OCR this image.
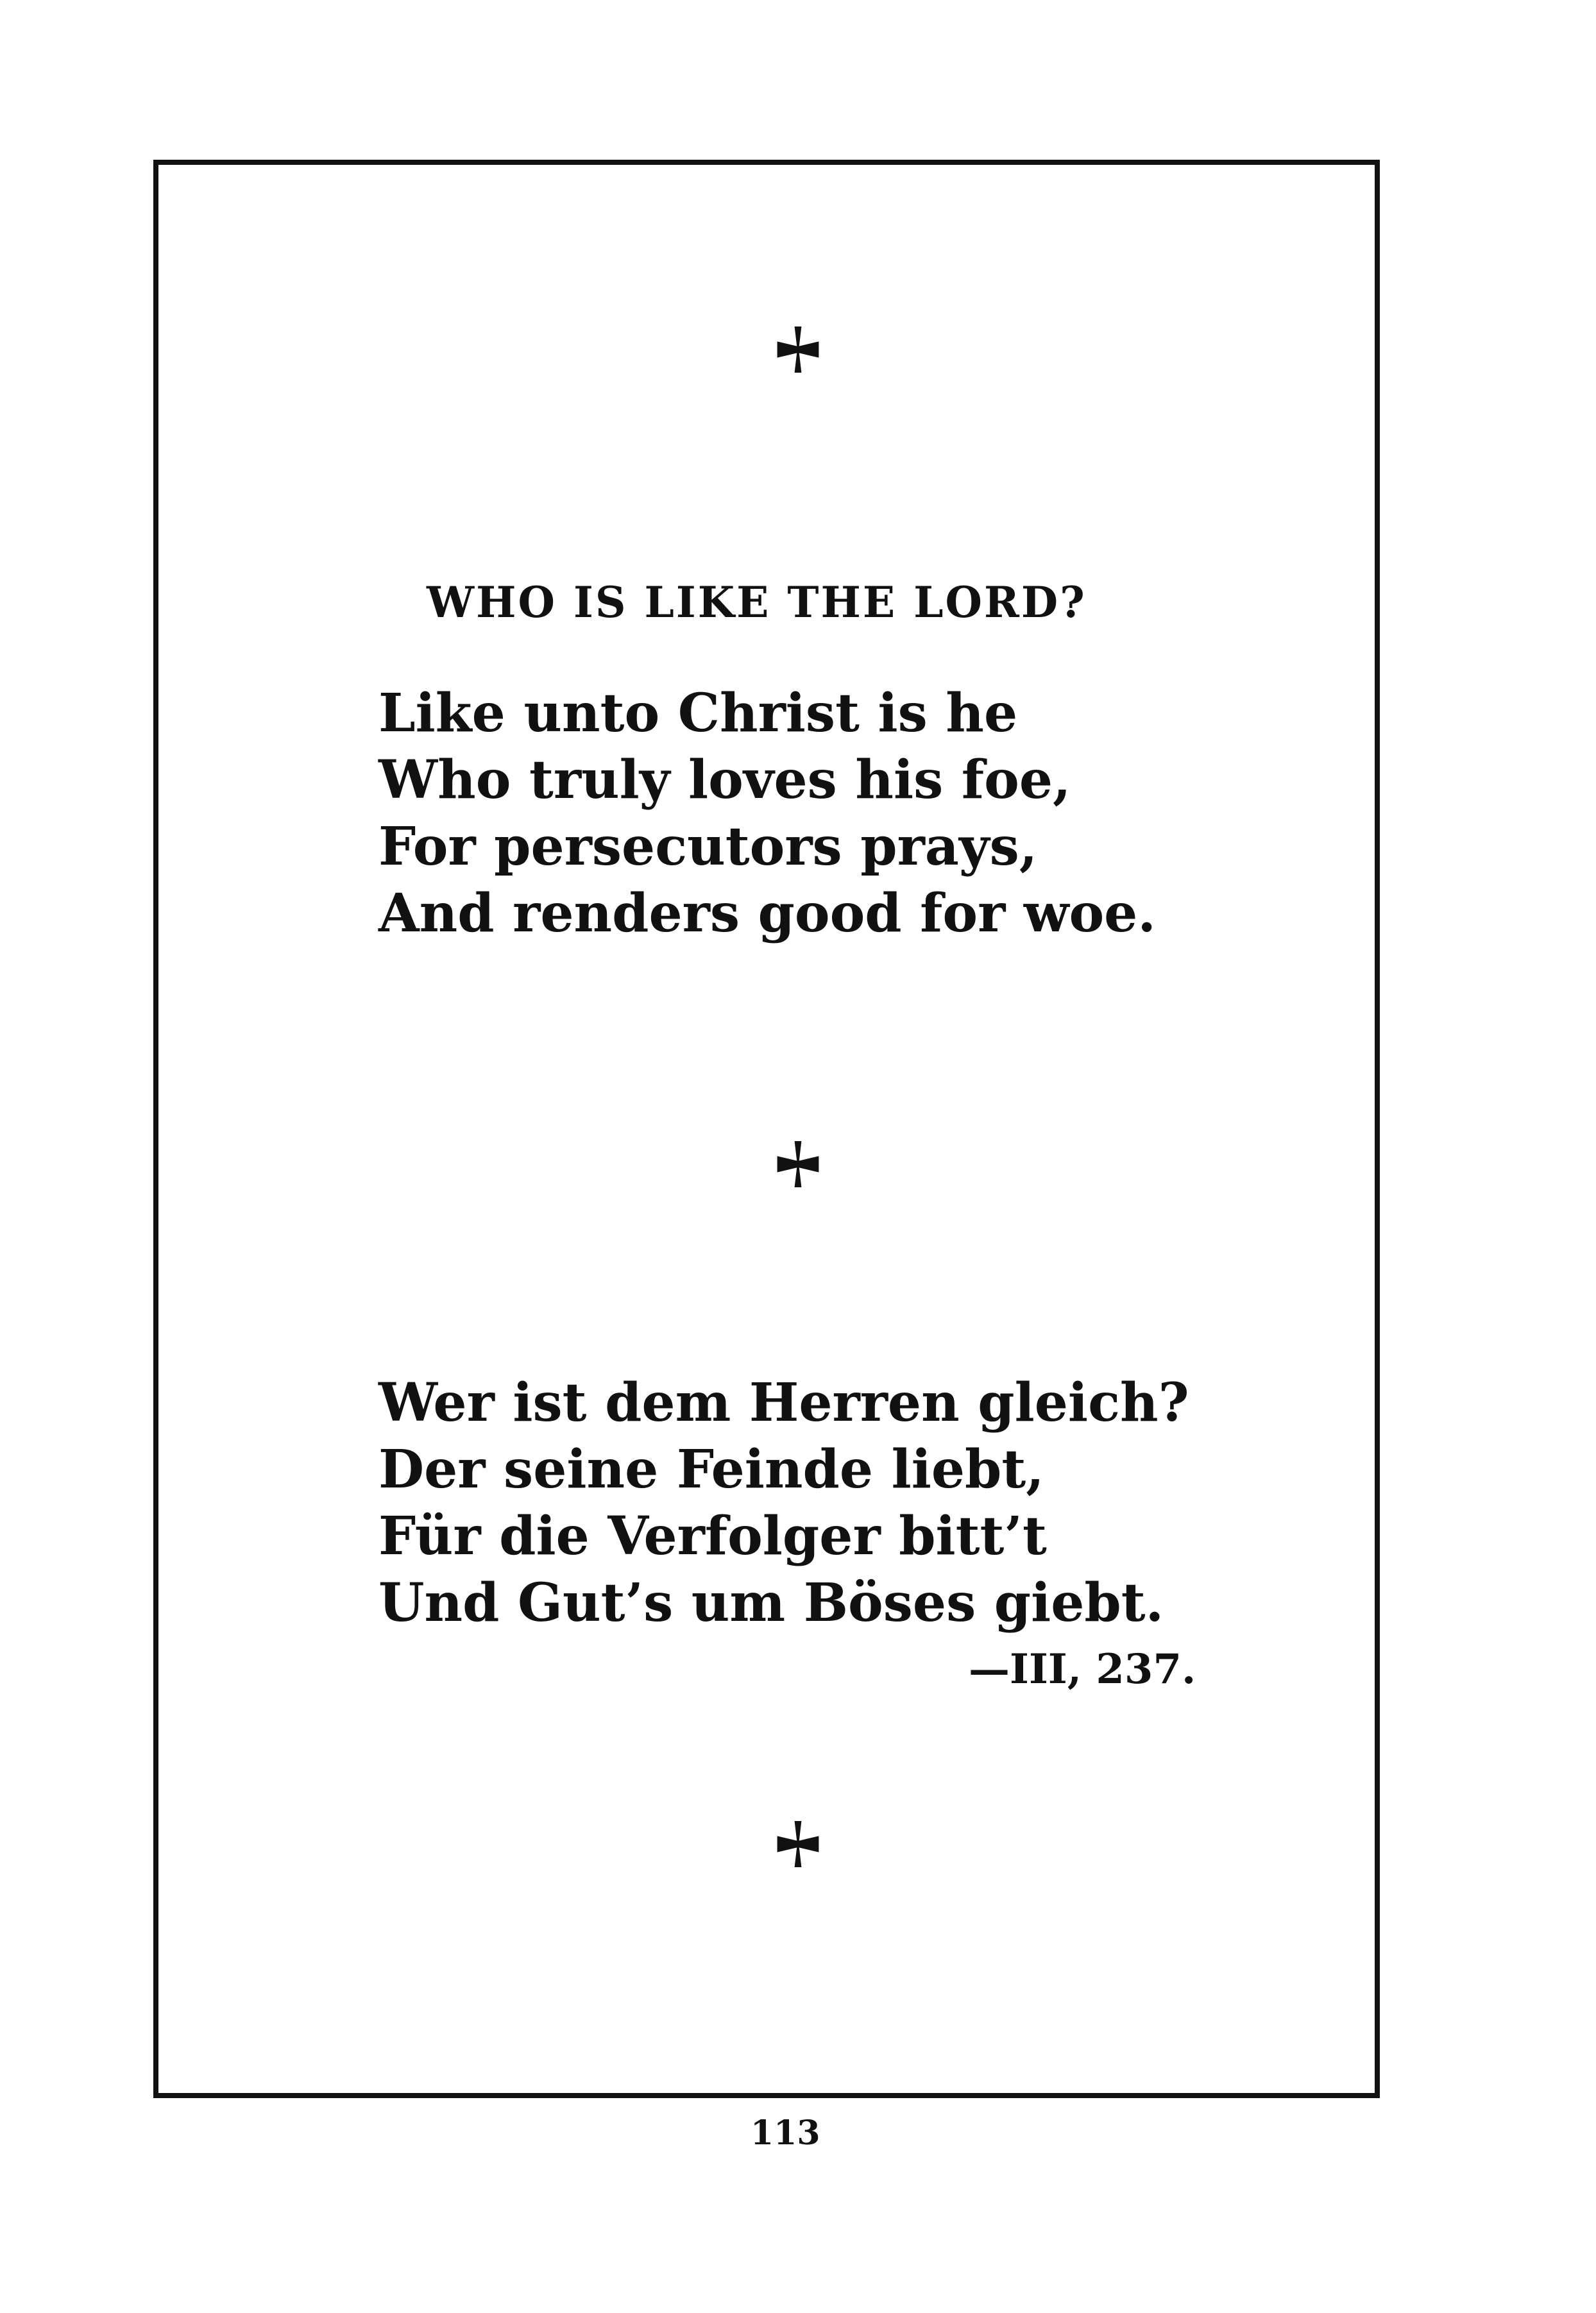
WHO IS LIKE THE LORD?
Like unto Christ is he
Who truly loves his foe,
For persecutors prays,
And renders good for woe.
Wer ist dem Herren gleich?
Der seine Feinde liebt,
Für die Verfolger bitt’t
Und Gut’s um Böses giebt.
—III, 237.
113
